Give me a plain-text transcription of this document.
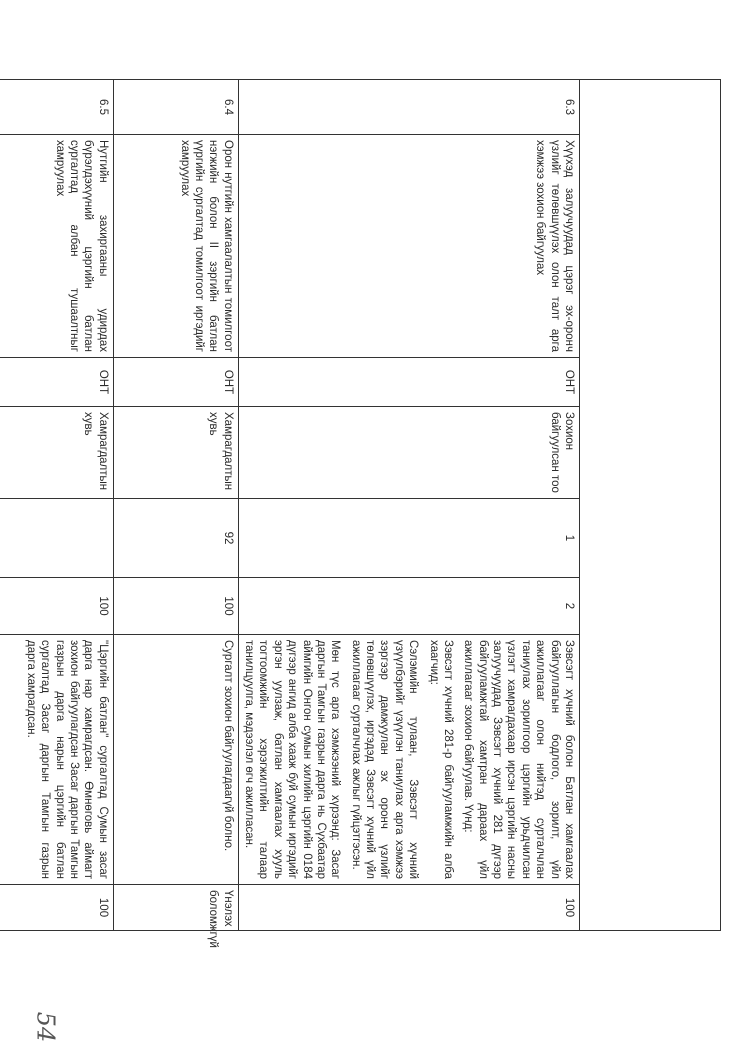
6.3	Хүүхэд залуучуудад цэрэг эх-оронч үзлийг төлөвшүүлэх олон талт арга хэмжээ зохион байгуулах	ОНТ	Зохион байгуулсан тоо	1	2	Зэвсэгт хүчний болон Батлан хамгаалах байгууллагын бодлого, зорилт, үйл ажиллагааг олон нийтэд сурталчлан таниулах зорилгоор цэргийн урьдчилсан үзлэгт хамрагдахаар ирсэн цэргийн насны залуучуудад Зэвсэгт хүчний 281 дүгээр байгууламжтай хамтран дараах үйл ажиллагааг зохион байгуулав. Үүнд:
Зэвсэгт хүчний 281-р байгууламжийн алба хаагчид:
Сэлэмийн тулаан, Зэвсэгт хүчний үзүүлбэрийг үзүүлэн таниулах арга хэмжээ зэргээр дамжуулан эх оронч үзлийг төлөвшүүлэх, иргэдэд Зэвсэгт хүчний үйл ажиллагааг сурталчлах ажлыг гүйцэтгэсэн.
Мөн түс арга хэмжээний хүрээнд: Засаг даргын Тамгын газрын дарга нь Сүхбаатар аймгийн Онгон сумын хилийн цэргийн 0184 дүгээр ангид алба хааж буй сумын иргэдийг эргэн уулзаж, батлан хамгаалах хууль тогтоомжийн хэрэгжилтийн талаар танилцуулга, мэдээлэл өгч ажилласан.	100
6.4	Орон нутгийн хамгаалалтын томилгоот нэгжийн болон II зэргийн батлан үүргийн сургалтад томилгоот иргэдийг хамруулах	ОНТ	Хамрагдалтын хувь	92	100	Сургалт зохион байгуулагдаагүй болно.	Үнэлэх боломжгүй
6.5	Нутгийн захиргааны удирдах бүрэлдэхүүний цэргийн батлан сургалтад албан тушаалтныг хамруулах	ОНТ	Хамрагдалтын хувь		100	"Цэргийн батлан" сургалтад Сумын засаг дарга нар хамрагдсан. Өмнөговь аймагт зохион байгуулагдсан Засаг даргын Тамгын газрын дарга нарын цэргийн батлан сургалтад Засаг даргын Тамгын газрын дарга хамрагдсан.	100
54
